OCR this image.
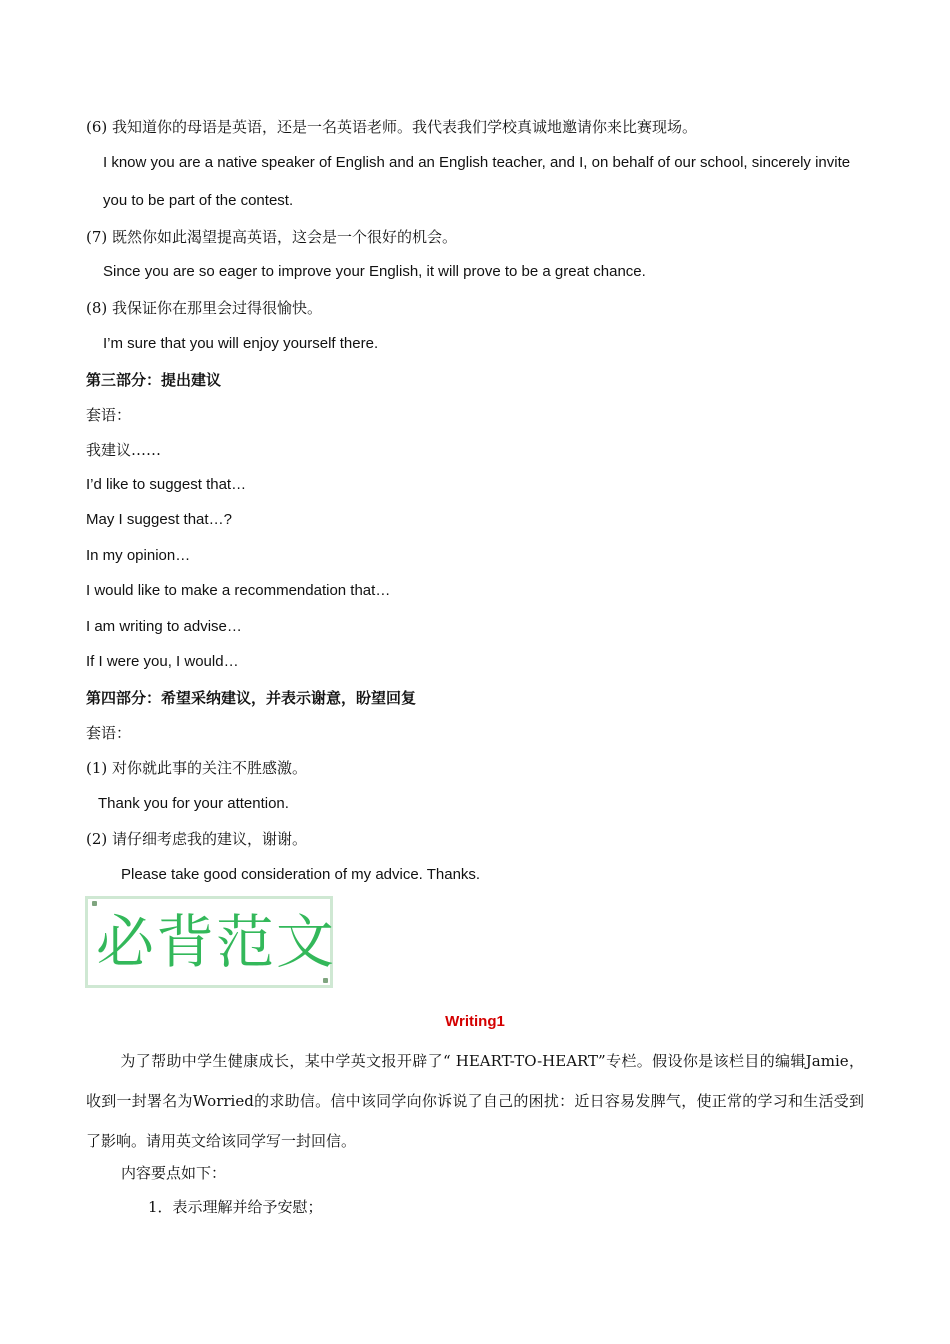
(6) 我知道你的母语是英语，还是一名英语老师。我代表我们学校真诚地邀请你来比赛现场。
I know you are a native speaker of English and an English teacher, and I, on behalf of our school, sincerely invite
you to be part of the contest.
(7) 既然你如此渴望提高英语，这会是一个很好的机会。
Since you are so eager to improve your English, it will prove to be a great chance.
(8) 我保证你在那里会过得很愉快。
I’m sure that you will enjoy yourself there.
第三部分：提出建议
套语：
我建议……
I’d like to suggest that…
May I suggest that…?
In my opinion…
I would like to make a recommendation that…
I am writing to advise…
If I were you, I would…
第四部分：希望采纳建议，并表示谢意，盼望回复
套语：
(1) 对你就此事的关注不胜感激。
Thank you for your attention.
(2) 请仔细考虑我的建议，谢谢。
Please take good consideration of my advice. Thanks.
必背范文
Writing1
为了帮助中学生健康成长，某中学英文报开辟了“ HEART-TO-HEART”专栏。假设你是该栏目的编辑Jamie，收到一封署名为Worried的求助信。信中该同学向你诉说了自己的困扰：近日容易发脾气，使正常的学习和生活受到了影响。请用英文给该同学写一封回信。
内容要点如下：
1．表示理解并给予安慰；
